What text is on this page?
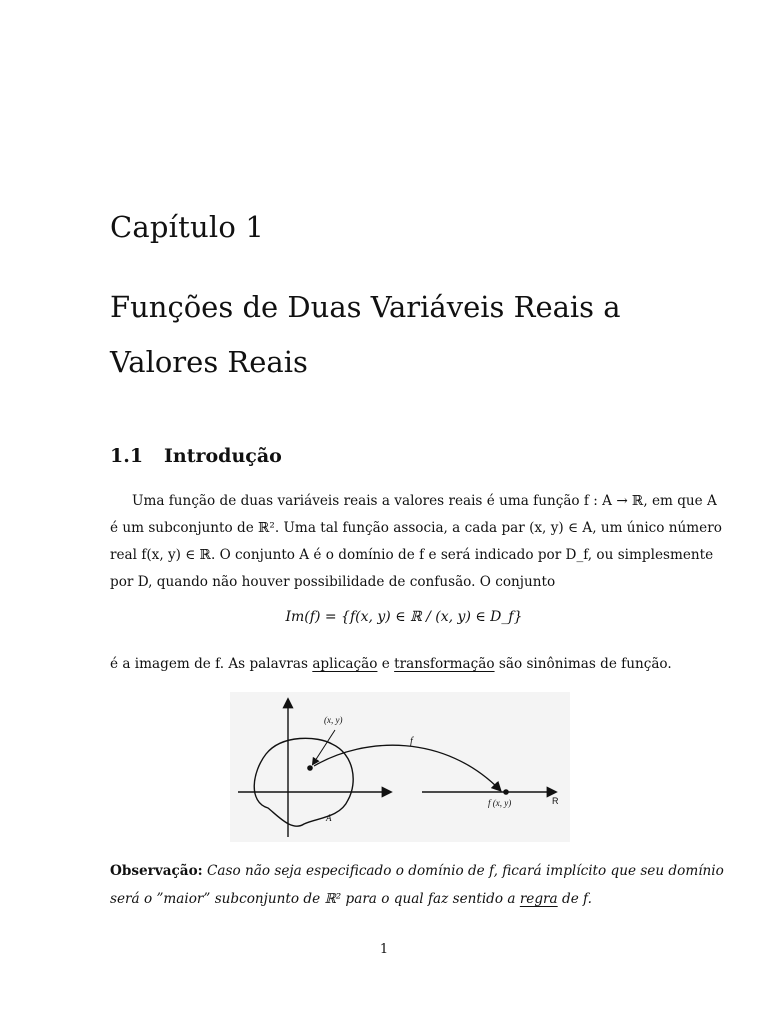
Capítulo 1
Funções de Duas Variáveis Reais a
Valores Reais
1.1 Introdução
Uma função de duas variáveis reais a valores reais é uma função f : A → ℝ, em que A
é um subconjunto de ℝ². Uma tal função associa, a cada par (x, y) ∈ A, um único número
real f(x, y) ∈ ℝ. O conjunto A é o domínio de f e será indicado por D_f, ou simplesmente
por D, quando não houver possibilidade de confusão. O conjunto
Im(f) = {f(x, y) ∈ ℝ / (x, y) ∈ D_f}
é a imagem de f. As palavras aplicação e transformação são sinônimas de função.
(x, y)
f
f (x, y)	R
A
Observação: Caso não seja especificado o domínio de f, ficará implícito que seu domínio
será o ”maior” subconjunto de ℝ² para o qual faz sentido a regra de f.
1
